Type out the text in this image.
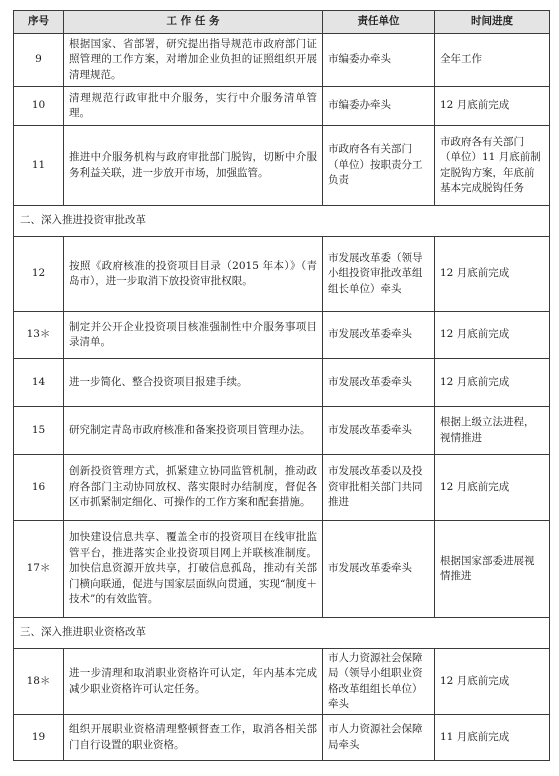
序号	工 作 任 务	责任单位	时间进度
9	根据国家、省部署，研究提出指导规范市政府部门证照管理的工作方案，对增加企业负担的证照组织开展清理规范。	市编委办牵头	全年工作
10	清理规范行政审批中介服务，实行中介服务清单管理。	市编委办牵头	12 月底前完成
11	推进中介服务机构与政府审批部门脱钩，切断中介服务利益关联，进一步放开市场，加强监管。	市政府各有关部门（单位）按职责分工负责	市政府各有关部门（单位）11 月底前制定脱钩方案，年底前基本完成脱钩任务
二、深入推进投资审批改革			
12	按照《政府核准的投资项目目录（2015 年本）》（青岛市），进一步取消下放投资审批权限。	市发展改革委（领导小组投资审批改革组组长单位）牵头	12 月底前完成
13＊	制定并公开企业投资项目核准强制性中介服务事项目录清单。	市发展改革委牵头	12 月底前完成
14	进一步简化、整合投资项目报建手续。	市发展改革委牵头	12 月底前完成
15	研究制定青岛市政府核准和备案投资项目管理办法。	市发展改革委牵头	根据上级立法进程，视情推进
16	创新投资管理方式，抓紧建立协同监管机制，推动政府各部门主动协同放权、落实限时办结制度，督促各区市抓紧制定细化、可操作的工作方案和配套措施。	市发展改革委以及投资审批相关部门共同推进	12 月底前完成
17＊	加快建设信息共享、覆盖全市的投资项目在线审批监管平台，推进落实企业投资项目网上并联核准制度。加快信息资源开放共享，打破信息孤岛，推动有关部门横向联通，促进与国家层面纵向贯通，实现“制度＋技术”的有效监管。	市发展改革委牵头	根据国家部委进展视情推进
三、深入推进职业资格改革			
18＊	进一步清理和取消职业资格许可认定，年内基本完成减少职业资格许可认定任务。	市人力资源社会保障局（领导小组职业资格改革组组长单位）牵头	12 月底前完成
19	组织开展职业资格清理整顿督查工作，取消各相关部门自行设置的职业资格。	市人力资源社会保障局牵头	11 月底前完成
